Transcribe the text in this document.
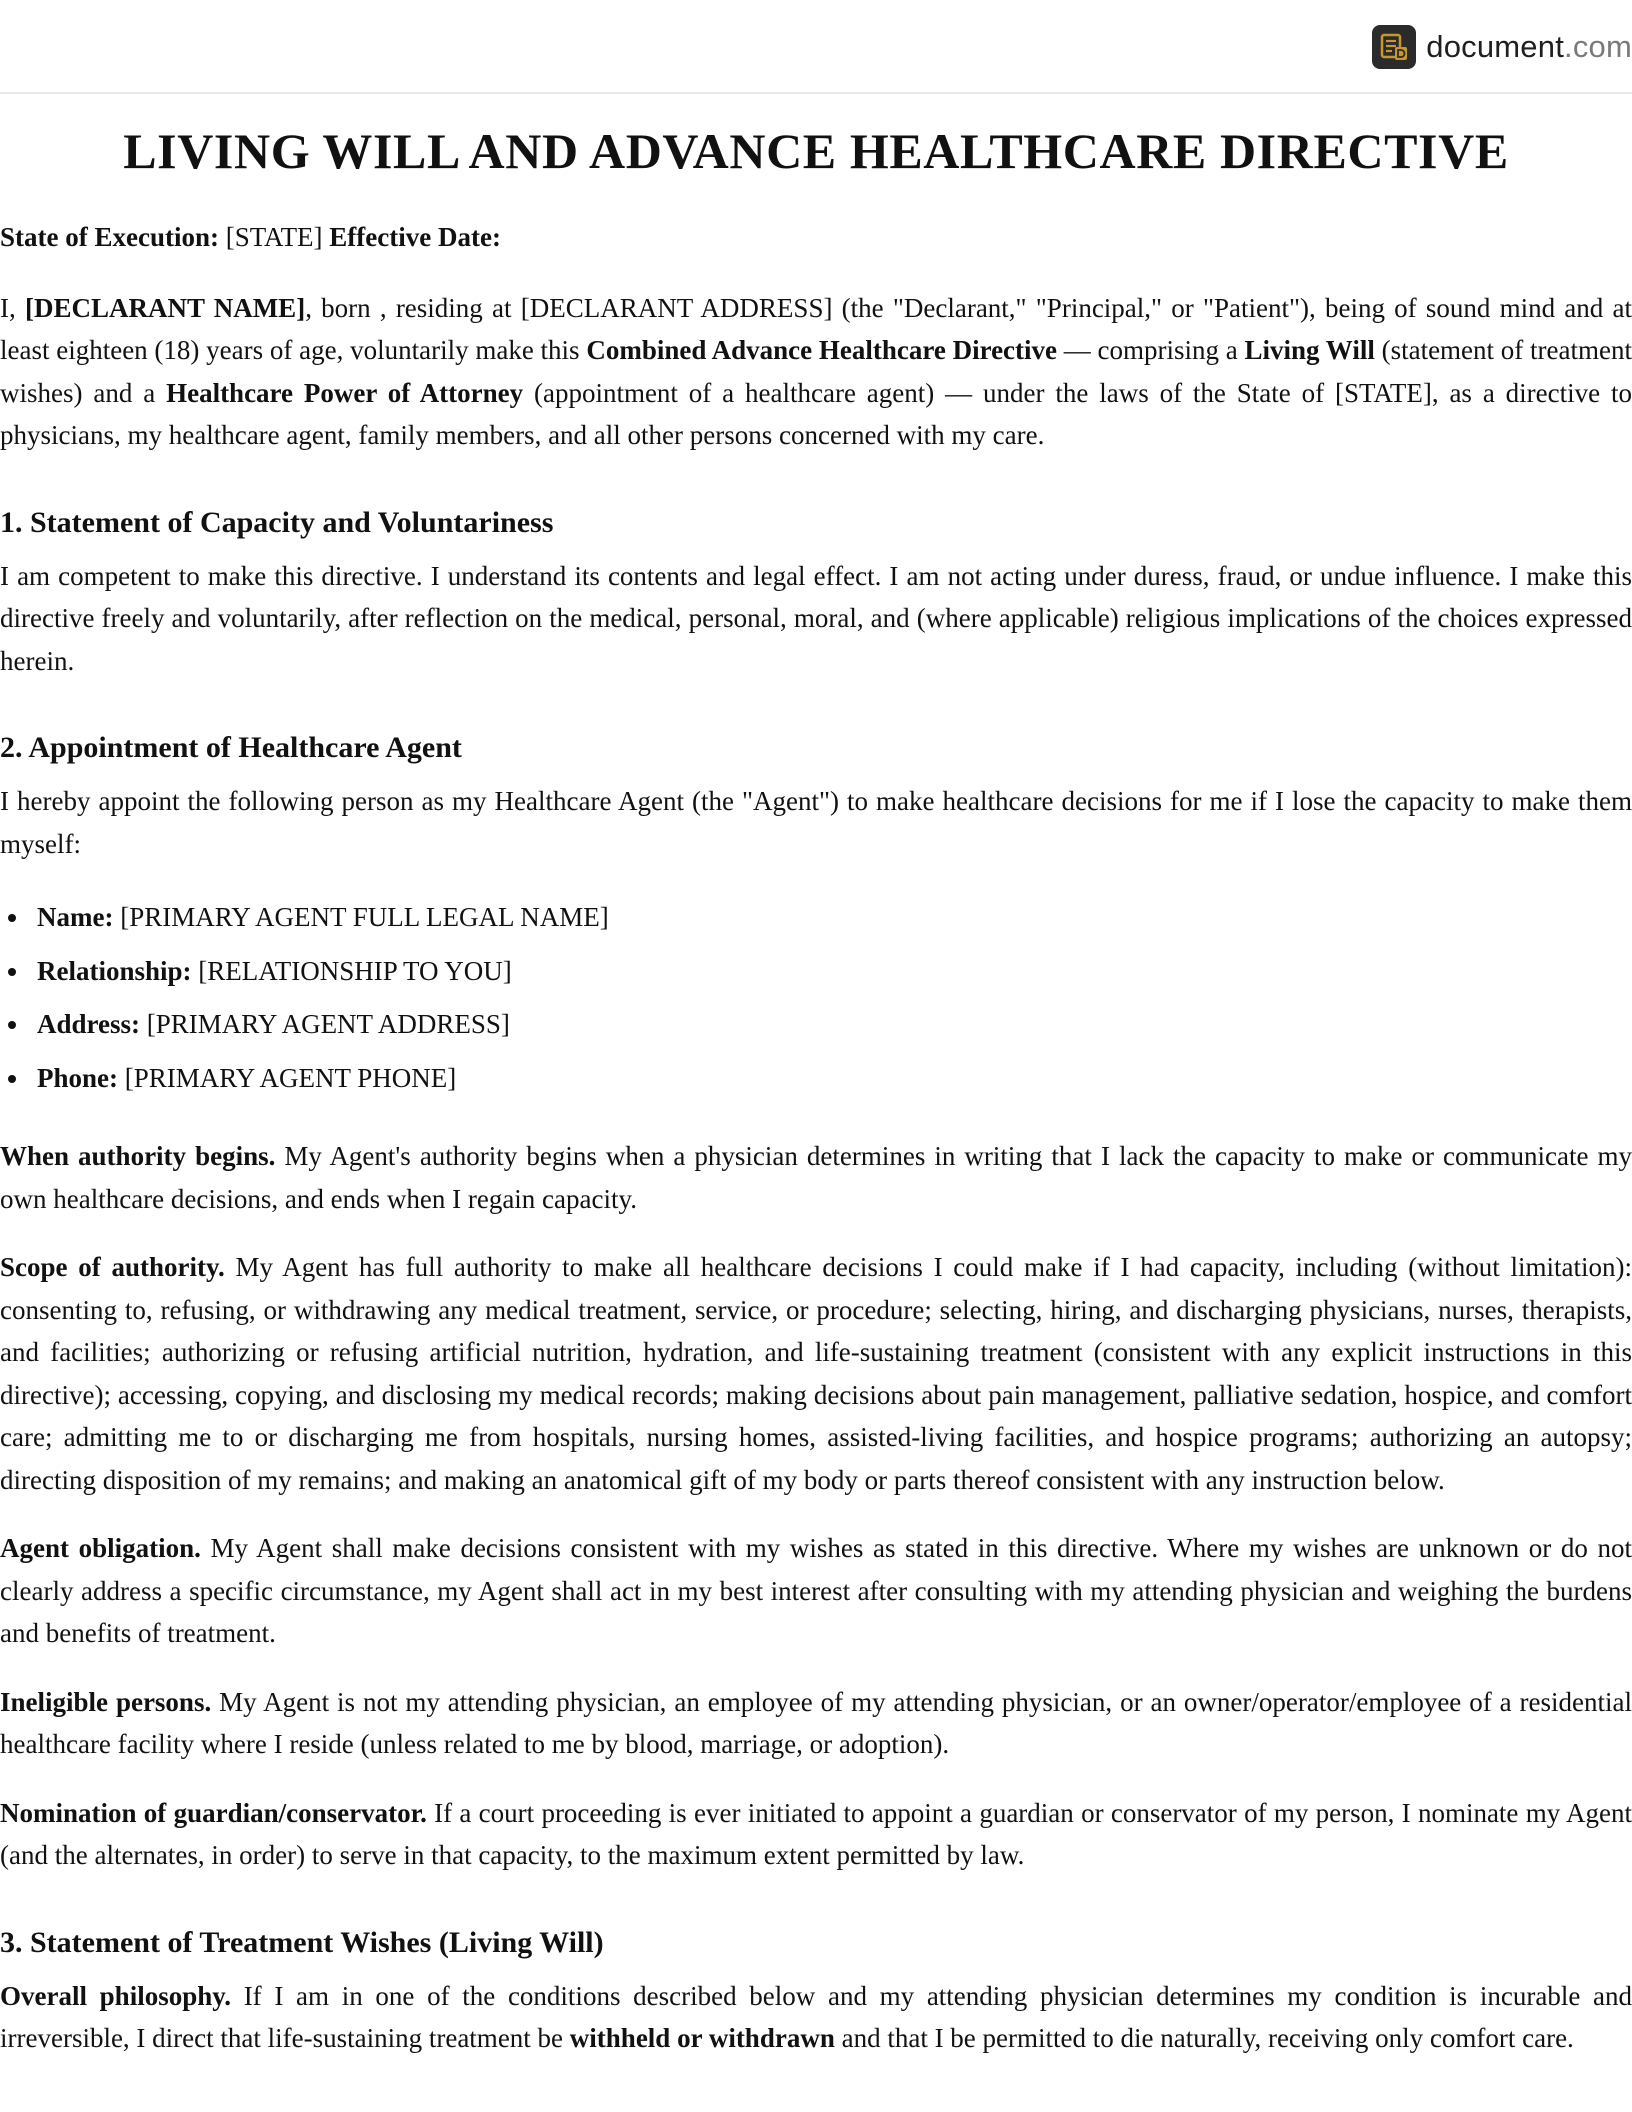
document.com
LIVING WILL AND ADVANCE HEALTHCARE DIRECTIVE

State of Execution: [STATE] Effective Date:

I, [DECLARANT NAME], born , residing at [DECLARANT ADDRESS] (the "Declarant," "Principal," or "Patient"), being of sound mind and at least eighteen (18) years of age, voluntarily make this Combined Advance Healthcare Directive — comprising a Living Will (statement of treatment wishes) and a Healthcare Power of Attorney (appointment of a healthcare agent) — under the laws of the State of [STATE], as a directive to physicians, my healthcare agent, family members, and all other persons concerned with my care.

1. Statement of Capacity and Voluntariness

I am competent to make this directive. I understand its contents and legal effect. I am not acting under duress, fraud, or undue influence. I make this directive freely and voluntarily, after reflection on the medical, personal, moral, and (where applicable) religious implications of the choices expressed herein.

2. Appointment of Healthcare Agent

I hereby appoint the following person as my Healthcare Agent (the "Agent") to make healthcare decisions for me if I lose the capacity to make them myself:

Name: [PRIMARY AGENT FULL LEGAL NAME]
Relationship: [RELATIONSHIP TO YOU]
Address: [PRIMARY AGENT ADDRESS]
Phone: [PRIMARY AGENT PHONE]

When authority begins. My Agent's authority begins when a physician determines in writing that I lack the capacity to make or communicate my own healthcare decisions, and ends when I regain capacity.

Scope of authority. My Agent has full authority to make all healthcare decisions I could make if I had capacity, including (without limitation): consenting to, refusing, or withdrawing any medical treatment, service, or procedure; selecting, hiring, and discharging physicians, nurses, therapists, and facilities; authorizing or refusing artificial nutrition, hydration, and life-sustaining treatment (consistent with any explicit instructions in this directive); accessing, copying, and disclosing my medical records; making decisions about pain management, palliative sedation, hospice, and comfort care; admitting me to or discharging me from hospitals, nursing homes, assisted-living facilities, and hospice programs; authorizing an autopsy; directing disposition of my remains; and making an anatomical gift of my body or parts thereof consistent with any instruction below.

Agent obligation. My Agent shall make decisions consistent with my wishes as stated in this directive. Where my wishes are unknown or do not clearly address a specific circumstance, my Agent shall act in my best interest after consulting with my attending physician and weighing the burdens and benefits of treatment.

Ineligible persons. My Agent is not my attending physician, an employee of my attending physician, or an owner/operator/employee of a residential healthcare facility where I reside (unless related to me by blood, marriage, or adoption).

Nomination of guardian/conservator. If a court proceeding is ever initiated to appoint a guardian or conservator of my person, I nominate my Agent (and the alternates, in order) to serve in that capacity, to the maximum extent permitted by law.

3. Statement of Treatment Wishes (Living Will)

Overall philosophy. If I am in one of the conditions described below and my attending physician determines my condition is incurable and irreversible, I direct that life-sustaining treatment be withheld or withdrawn and that I be permitted to die naturally, receiving only comfort care.
